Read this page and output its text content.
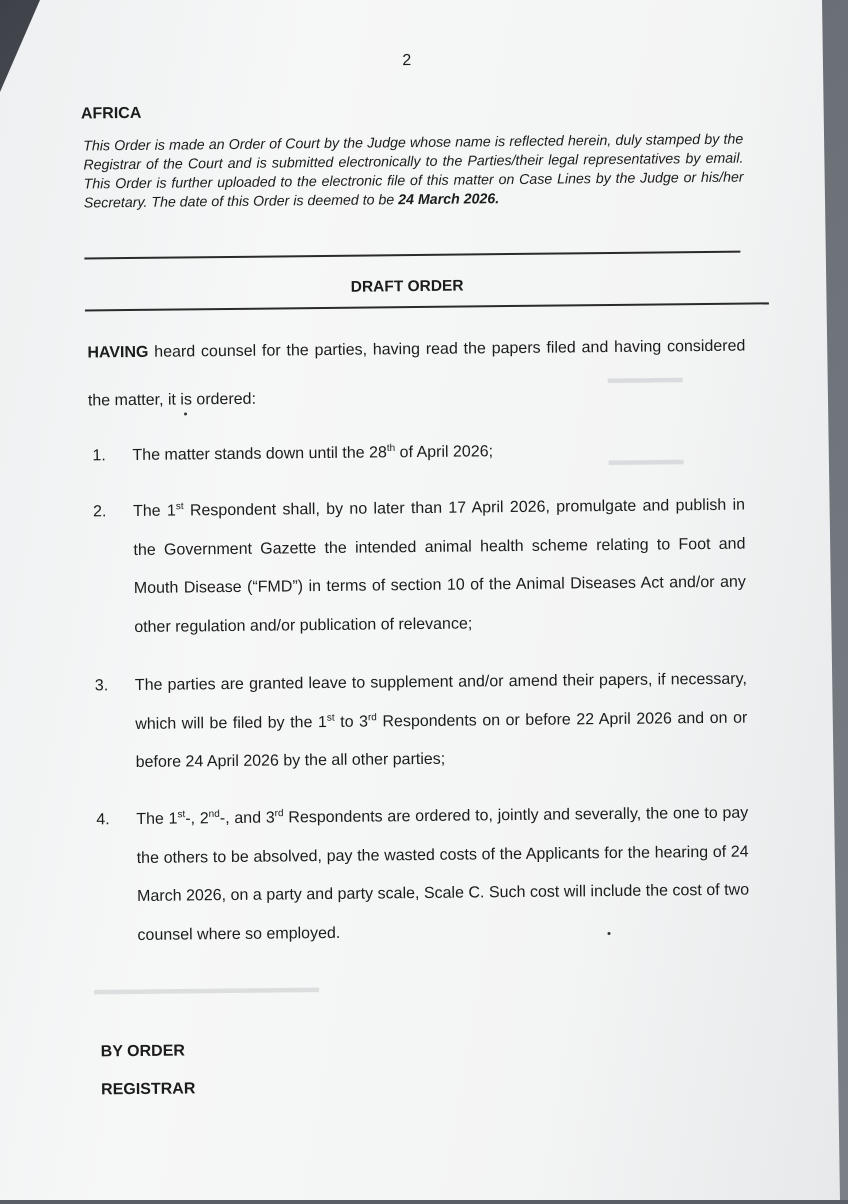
▬▬▬▬▬
▬▬▬▬▬
▬▬▬▬▬▬▬▬▬▬▬▬▬▬▬
2
AFRICA
This Order is made an Order of Court by the Judge whose name is reflected herein, duly stamped by the Registrar of the Court and is submitted electronically to the Parties/their legal representatives by email. This Order is further uploaded to the electronic file of this matter on Case Lines by the Judge or his/her Secretary. The date of this Order is deemed to be 24 March 2026.
DRAFT ORDER
HAVING heard counsel for the parties, having read the papers filed and having considered the matter, it is ordered:
1. The matter stands down until the 28th of April 2026;
2. The 1st Respondent shall, by no later than 17 April 2026, promulgate and publish in the Government Gazette the intended animal health scheme relating to Foot and Mouth Disease (“FMD”) in terms of section 10 of the Animal Diseases Act and/or any other regulation and/or publication of relevance;
3. The parties are granted leave to supplement and/or amend their papers, if necessary, which will be filed by the 1st to 3rd Respondents on or before 22 April 2026 and on or before 24 April 2026 by the all other parties;
4. The 1st-, 2nd-, and 3rd Respondents are ordered to, jointly and severally, the one to pay the others to be absolved, pay the wasted costs of the Applicants for the hearing of 24 March 2026, on a party and party scale, Scale C. Such cost will include the cost of two counsel where so employed.
BY ORDER
REGISTRAR
